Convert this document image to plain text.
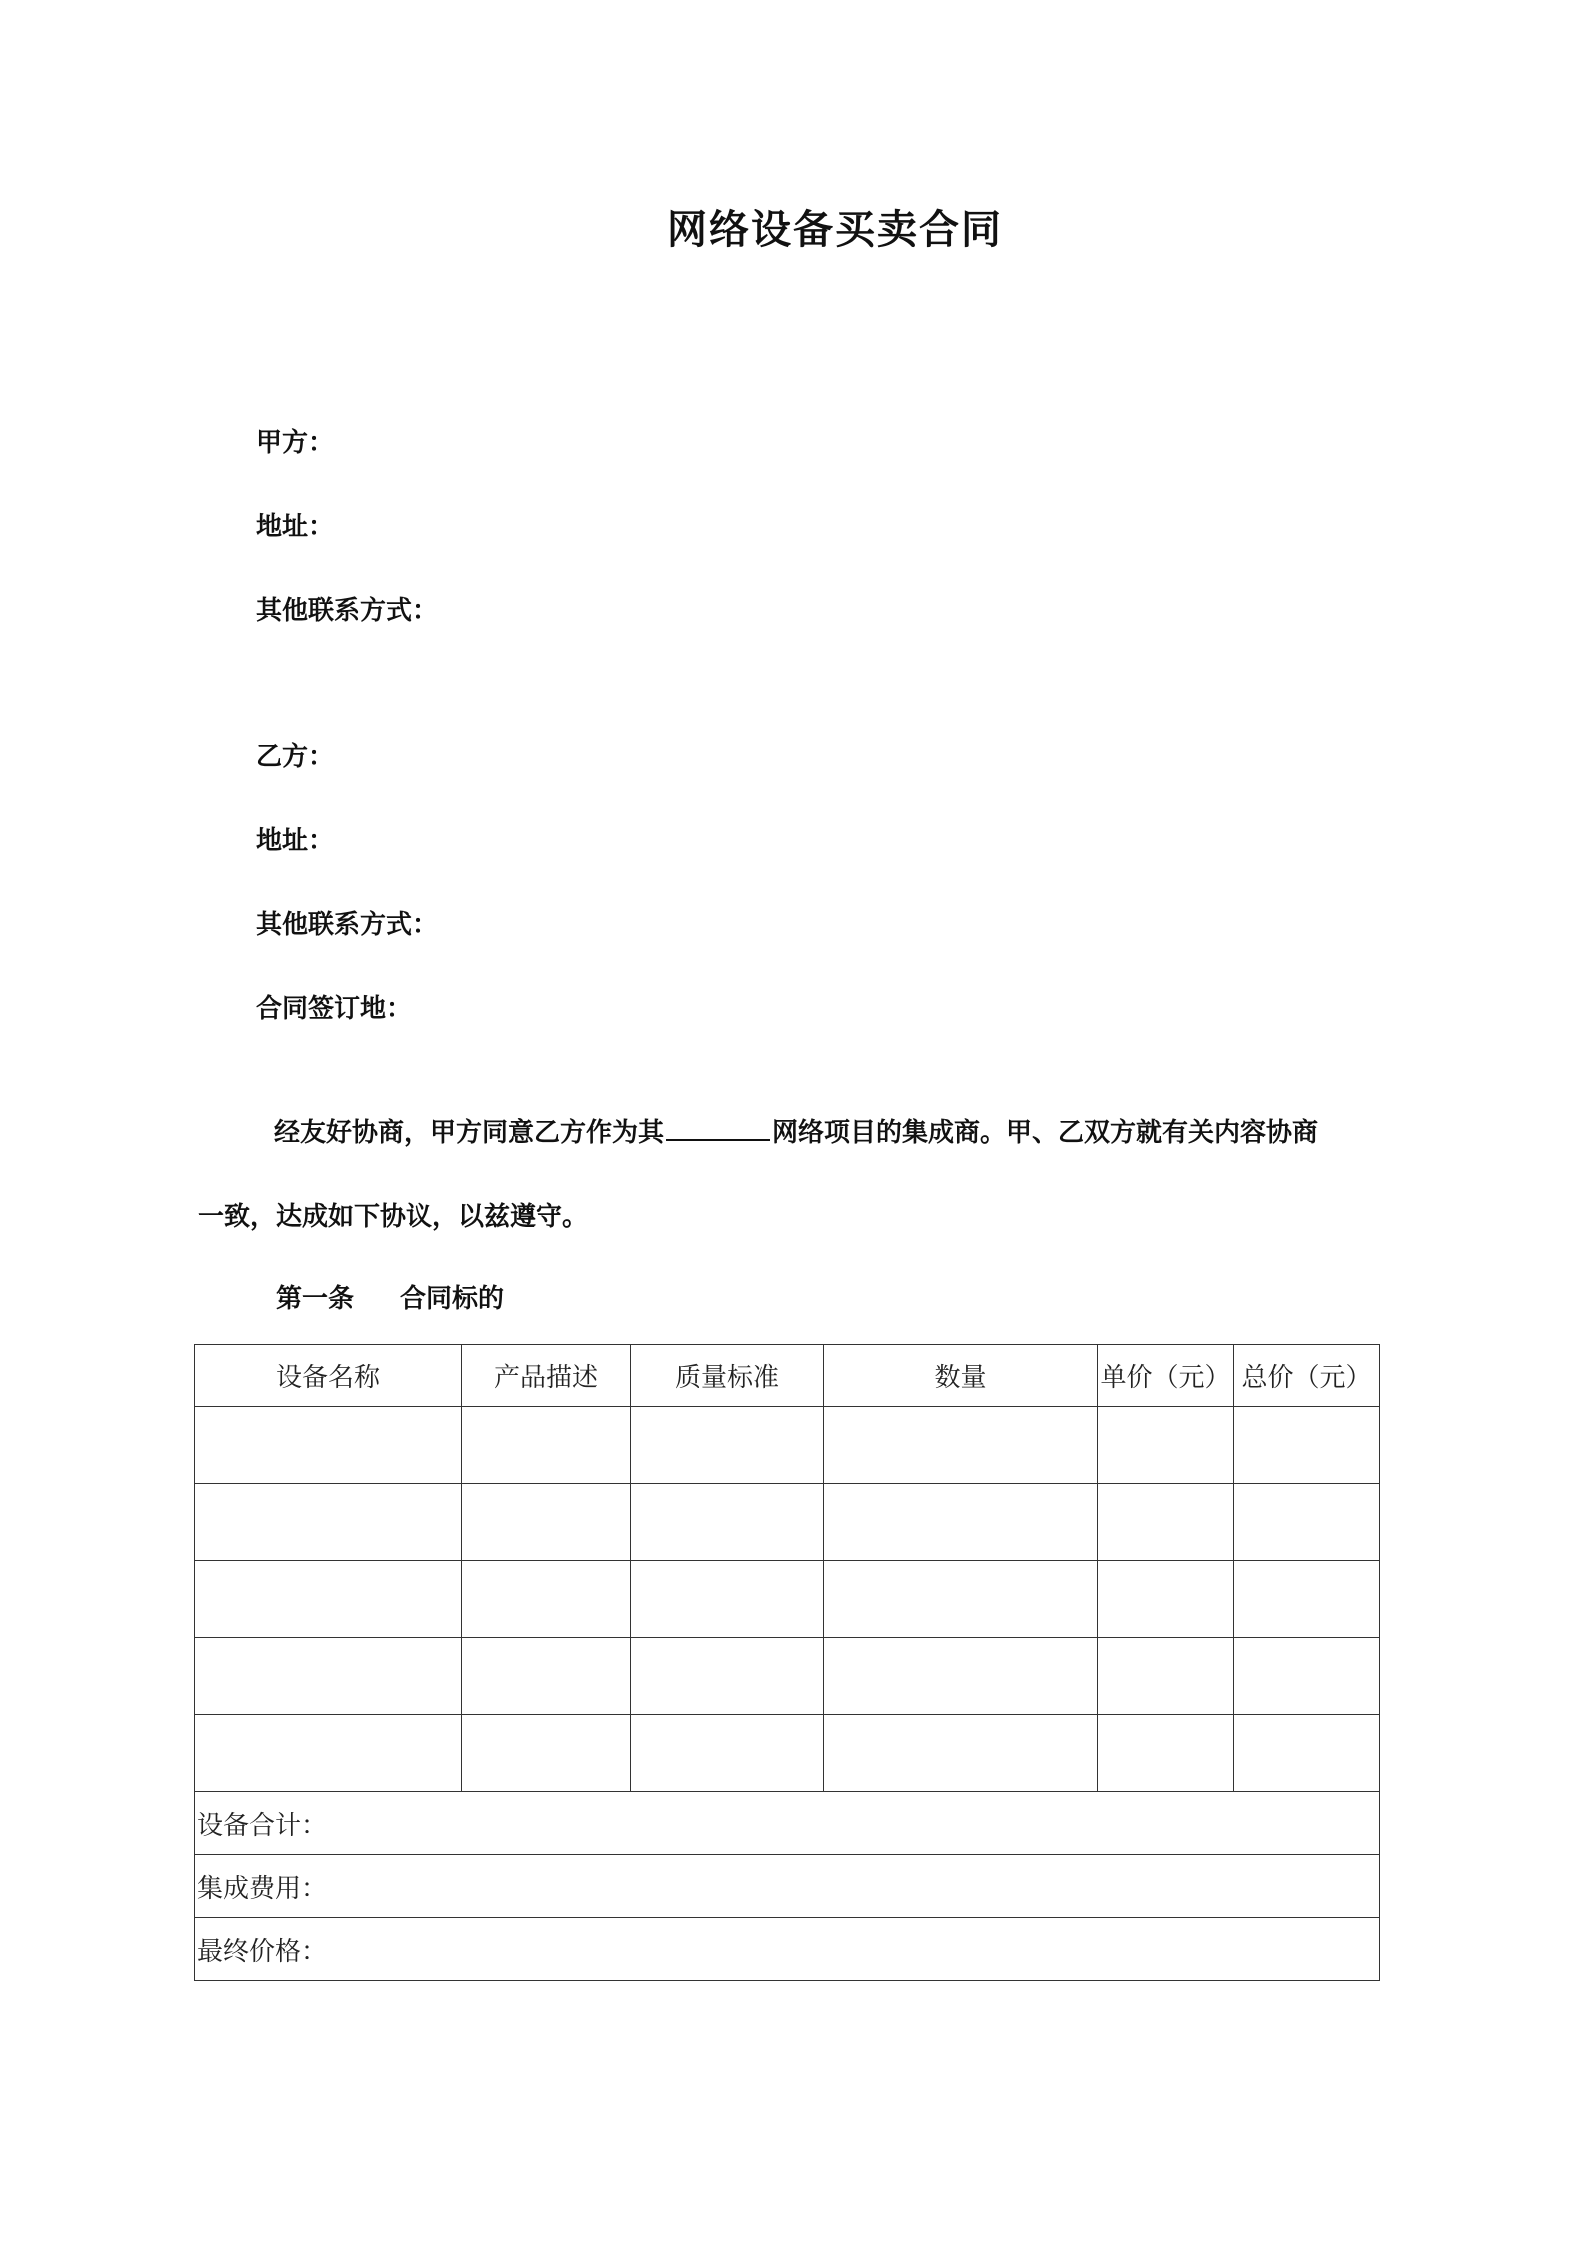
网络设备买卖合同
甲方：
地址：
其他联系方式：
乙方：
地址：
其他联系方式：
合同签订地：
经友好协商，甲方同意乙方作为其	网络项目的集成商。甲、乙双方就有关内容协商
一致，达成如下协议，以兹遵守。
第一条 合同标的
设备名称	产品描述	质量标准	数量	单价（元）	总价（元）

设备合计：					
集成费用：					
最终价格：					
